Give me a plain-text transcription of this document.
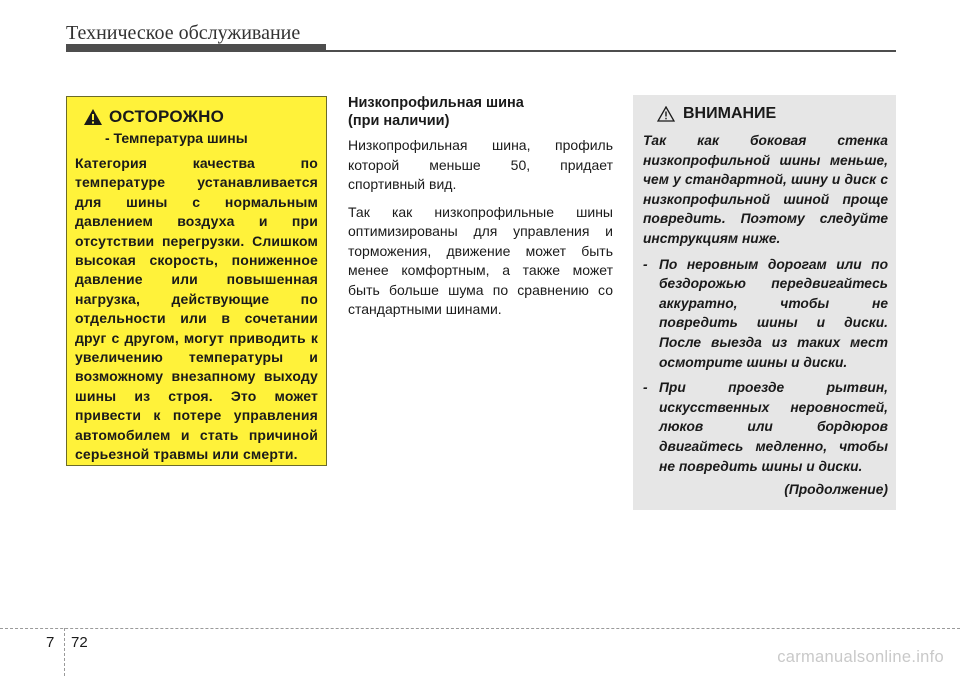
Техническое обслуживание
ОСТОРОЖНО
- Температура шины
Категория качества по температуре устанавливается для шины с нормальным давлением воздуха и при отсутствии перегрузки. Слишком высокая скорость, пониженное давление или повышенная нагрузка, действующие по отдельности или в сочетании друг с другом, могут приводить к увеличению температуры и возможному внезапному выходу шины из строя. Это может привести к потере управления автомобилем и стать причиной серьезной травмы или смерти.
Низкопрофильная шина
(при наличии)

Низкопрофильная шина, профиль которой меньше 50, придает спортивный вид.

Так как низкопрофильные шины оптимизированы для управления и торможения, движение может быть менее комфортным, а также может быть больше шума по сравнению со стандартными шинами.

ВНИМАНИЕ

Так как боковая стенка низкопрофильной шины меньше, чем у стандартной, шину и диск с низкопрофильной шиной проще повредить. Поэтому следуйте инструкциям ниже.

- По неровным дорогам или по бездорожью передвигайтесь аккуратно, чтобы не повредить шины и диски. После выезда из таких мест осмотрите шины и диски.
- При проезде рытвин, искусственных неровностей, люков или бордюров двигайтесь медленно, чтобы не повредить шины и диски.
(Продолжение)
7 72
carmanualsonline.info
